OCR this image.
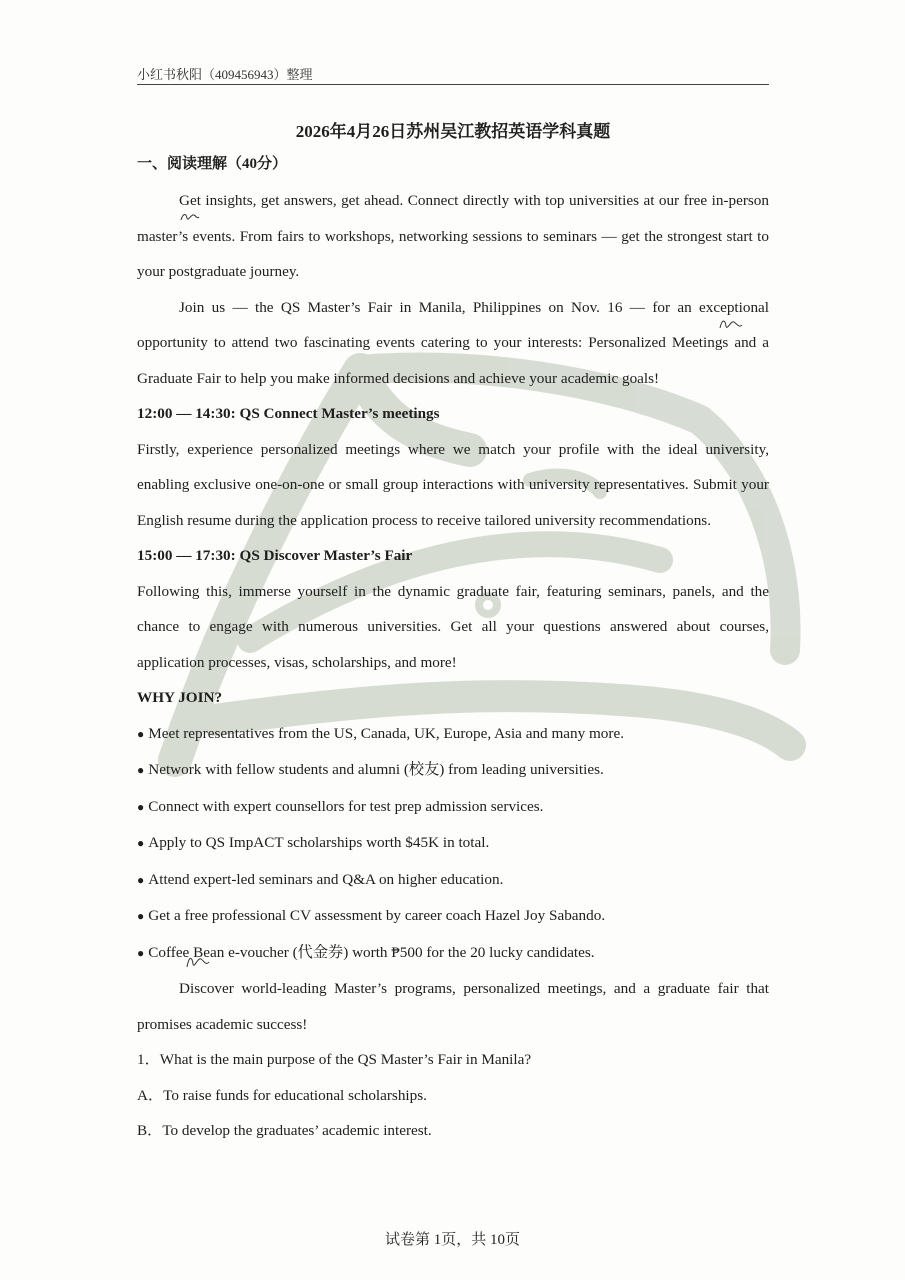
小红书秋阳（409456943）整理
2026年4月26日苏州吴江教招英语学科真题
一、阅读理解（40分）

Get insights, get answers, get ahead. Connect directly with top universities at our free in-person master’s events. From fairs to workshops, networking sessions to seminars — get the strongest start to your postgraduate journey.

Join us — the QS Master’s Fair in Manila, Philippines on Nov. 16 — for an exceptional opportunity to attend two fascinating events catering to your interests: Personalized Meetings and a Graduate Fair to help you make informed decisions and achieve your academic goals!

12:00 — 14:30: QS Connect Master’s meetings

Firstly, experience personalized meetings where we match your profile with the ideal university, enabling exclusive one-on-one or small group interactions with university representatives. Submit your English resume during the application process to receive tailored university recommendations.

15:00 — 17:30: QS Discover Master’s Fair

Following this, immerse yourself in the dynamic graduate fair, featuring seminars, panels, and the chance to engage with numerous universities. Get all your questions answered about courses, application processes, visas, scholarships, and more!

WHY JOIN?

● Meet representatives from the US, Canada, UK, Europe, Asia and many more.

● Network with fellow students and alumni (校友) from leading universities.

● Connect with expert counsellors for test prep admission services.

● Apply to QS ImpACT scholarships worth $45K in total.

● Attend expert-led seminars and Q&A on higher education.

● Get a free professional CV assessment by career coach Hazel Joy Sabando.

● Coffee Bean e-voucher (代金券) worth ₱500 for the 20 lucky candidates.

Discover world-leading Master’s programs, personalized meetings, and a graduate fair that promises academic success!

1．What is the main purpose of the QS Master’s Fair in Manila?

A．To raise funds for educational scholarships.

B．To develop the graduates’ academic interest.

试卷第 1页，共 10页
